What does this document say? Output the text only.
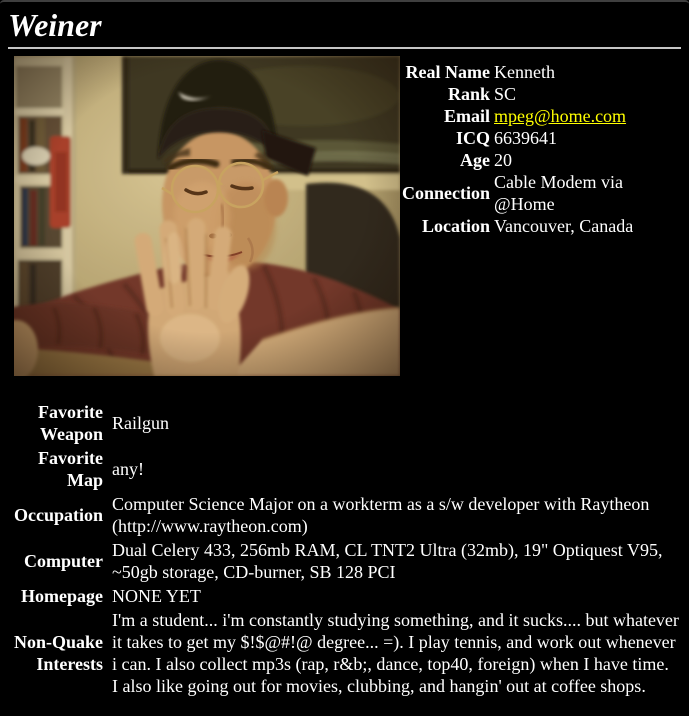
Weiner
Real Name	Kenneth
Rank	SC
Email	mpeg@home.com
ICQ	6639641
Age	20
Connection	Cable Modem via @Home
Location	Vancouver, Canada
Favorite Weapon	Railgun
Favorite Map	any!
Occupation	Computer Science Major on a workterm as a s/w developer with Raytheon (http://www.raytheon.com)
Computer	Dual Celery 433, 256mb RAM, CL TNT2 Ultra (32mb), 19" Optiquest V95, ~50gb storage, CD-burner, SB 128 PCI
Homepage	NONE YET
Non-Quake Interests	I'm a student... i'm constantly studying something, and it sucks.... but whatever it takes to get my $!$@#!@ degree... =). I play tennis, and work out whenever i can. I also collect mp3s (rap, r&b;, dance, top40, foreign) when I have time. I also like going out for movies, clubbing, and hangin' out at coffee shops.
